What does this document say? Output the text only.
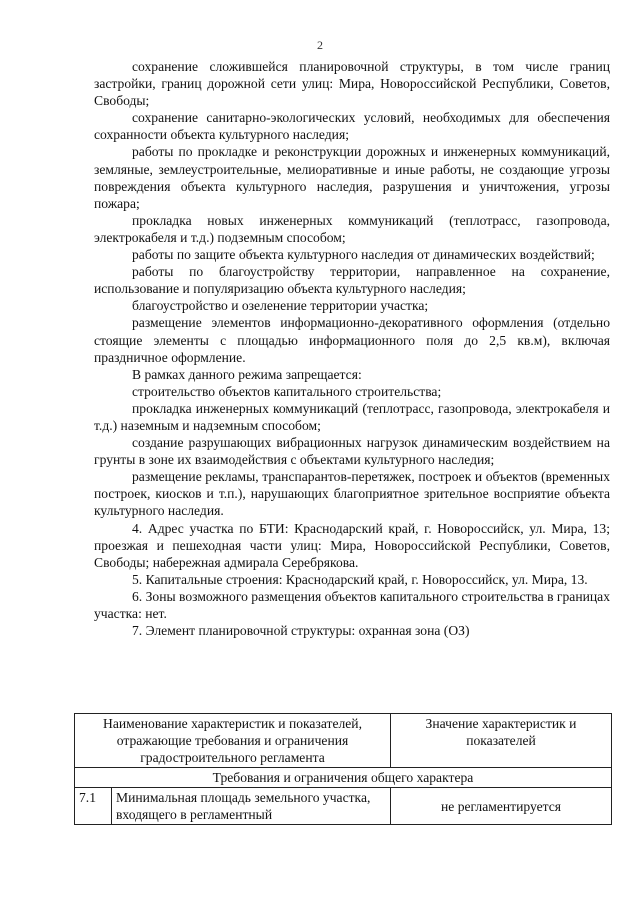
2

сохранение сложившейся планировочной структуры, в том числе границ застройки, границ дорожной сети улиц: Мира, Новороссийской Республики, Советов, Свободы;

сохранение санитарно-экологических условий, необходимых для обеспечения сохранности объекта культурного наследия;

работы по прокладке и реконструкции дорожных и инженерных коммуникаций, земляные, землеустроительные, мелиоративные и иные работы, не создающие угрозы повреждения объекта культурного наследия, разрушения и уничтожения, угрозы пожара;

прокладка новых инженерных коммуникаций (теплотрасс, газопровода, электрокабеля и т.д.) подземным способом;

работы по защите объекта культурного наследия от динамических воздействий;

работы по благоустройству территории, направленное на сохранение, использование и популяризацию объекта культурного наследия;

благоустройство и озеленение территории участка;

размещение элементов информационно-декоративного оформления (отдельно стоящие элементы с площадью информационного поля до 2,5 кв.м), включая праздничное оформление.

В рамках данного режима запрещается:

строительство объектов капитального строительства;

прокладка инженерных коммуникаций (теплотрасс, газопровода, электрокабеля и т.д.) наземным и надземным способом;

создание разрушающих вибрационных нагрузок динамическим воздействием на грунты в зоне их взаимодействия с объектами культурного наследия;

размещение рекламы, транспарантов-перетяжек, построек и объектов (временных построек, киосков и т.п.), нарушающих благоприятное зрительное восприятие объекта культурного наследия.

4. Адрес участка по БТИ: Краснодарский край, г. Новороссийск, ул. Мира, 13; проезжая и пешеходная части улиц: Мира, Новороссийской Республики, Советов, Свободы; набережная адмирала Серебрякова.

5. Капитальные строения: Краснодарский край, г. Новороссийск, ул. Мира, 13.

6. Зоны возможного размещения объектов капитального строительства в границах участка: нет.

7. Элемент планировочной структуры: охранная зона (ОЗ)

Наименование характеристик и показателей, отражающие требования и ограничения градостроительного регламента		Значение характеристик и показателей
Требования и ограничения общего характера		
7.1	Минимальная площадь земельного участка, входящего в регламентный	не регламентируется
